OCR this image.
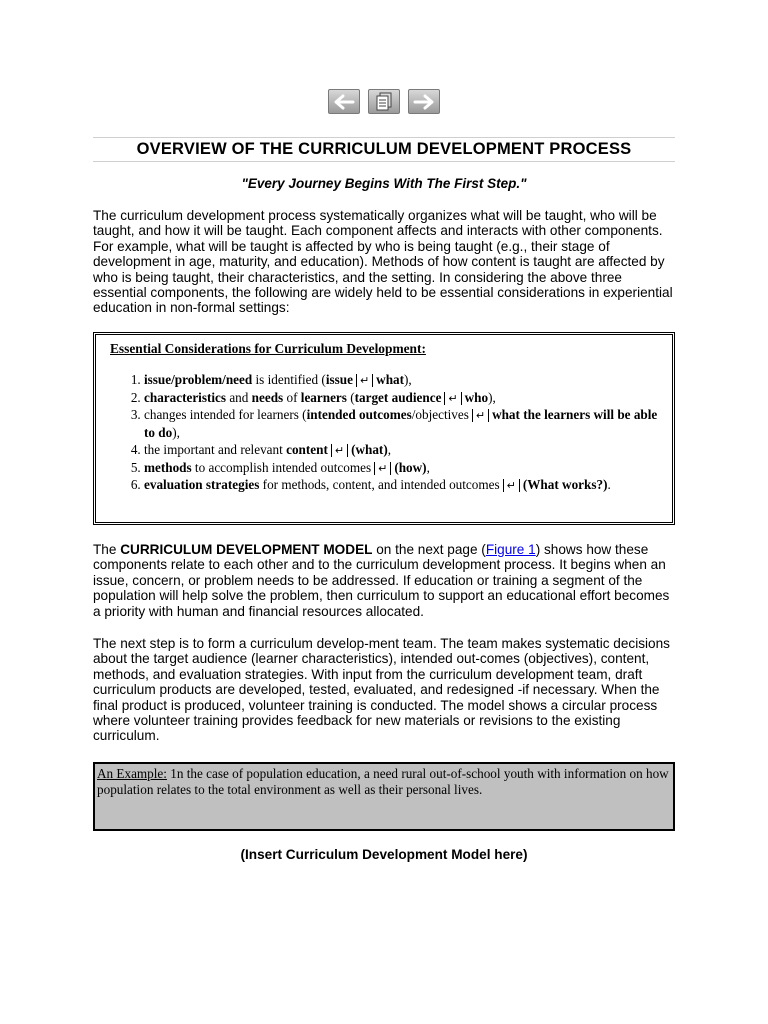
OVERVIEW OF THE CURRICULUM DEVELOPMENT PROCESS
"Every Journey Begins With The First Step."

The curriculum development process systematically organizes what will be taught, who will be taught, and how it will be taught. Each component affects and interacts with other components. For example, what will be taught is affected by who is being taught (e.g., their stage of development in age, maturity, and education). Methods of how content is taught are affected by who is being taught, their characteristics, and the setting. In considering the above three essential components, the following are widely held to be essential considerations in experiential education in non-formal settings:

Essential Considerations for Curriculum Development:
1. issue/problem/need is identified (issue ↵ what),
2. characteristics and needs of learners (target audience ↵ who),
3. changes intended for learners (intended outcomes/objectives ↵ what the learners will be able to do),
4. the important and relevant content ↵ (what),
5. methods to accomplish intended outcomes ↵ (how),
6. evaluation strategies for methods, content, and intended outcomes ↵ (What works?).

The CURRICULUM DEVELOPMENT MODEL on the next page (Figure 1) shows how these components relate to each other and to the curriculum development process. It begins when an issue, concern, or problem needs to be addressed. If education or training a segment of the population will help solve the problem, then curriculum to support an educational effort becomes a priority with human and financial resources allocated.

The next step is to form a curriculum develop-ment team. The team makes systematic decisions about the target audience (learner characteristics), intended out-comes (objectives), content, methods, and evaluation strategies. With input from the curriculum development team, draft curriculum products are developed, tested, evaluated, and redesigned -if necessary. When the final product is produced, volunteer training is conducted. The model shows a circular process where volunteer training provides feedback for new materials or revisions to the existing curriculum.

An Example: 1n the case of population education, a need rural out-of-school youth with information on how population relates to the total environment as well as their personal lives.
(Insert Curriculum Development Model here)
